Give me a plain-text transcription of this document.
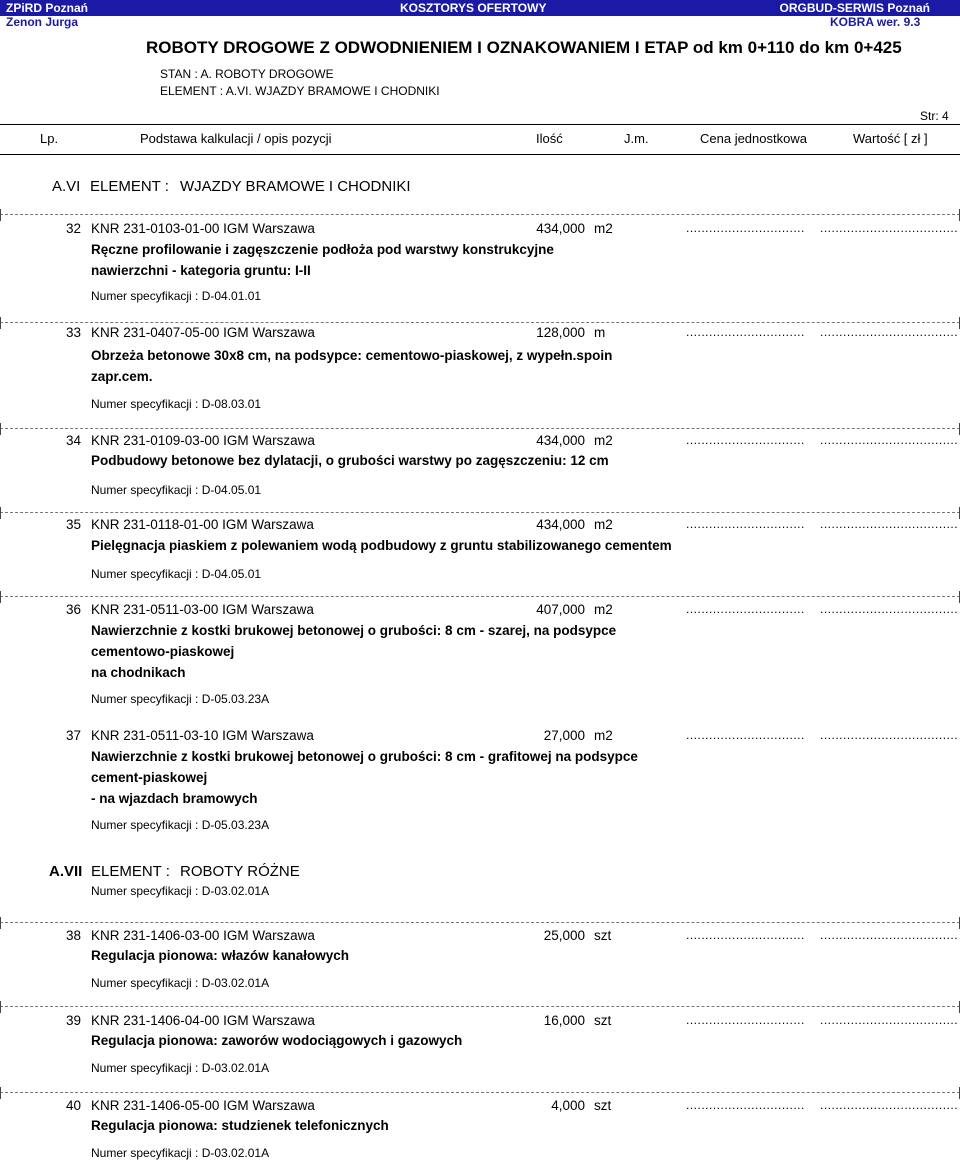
ZPiRD Poznań	KOSZTORYS OFERTOWY	ORGBUD-SERWIS Poznań
Zenon Jurga	KOBRA wer. 9.3
ROBOTY DROGOWE Z ODWODNIENIEM I OZNAKOWANIEM I ETAP od km 0+110 do km 0+425
STAN : A. ROBOTY DROGOWE
ELEMENT : A.VI. WJAZDY BRAMOWE I CHODNIKI
Str: 4
Lp.	Podstawa kalkulacji / opis pozycji	Ilość	J.m.	Cena jednostkowa	Wartość [ zł ]
A.VI ELEMENT : WJAZDY BRAMOWE I CHODNIKI
32 KNR 231-0103-01-00 IGM Warszawa	434,000 m2	............................... ....................................
Ręczne profilowanie i zagęszczenie podłoża pod warstwy konstrukcyjne nawierzchni - kategoria gruntu: I-II
Numer specyfikacji : D-04.01.01
33 KNR 231-0407-05-00 IGM Warszawa	128,000 m	............................... ....................................
Obrzeża betonowe 30x8 cm, na podsypce: cementowo-piaskowej, z wypełn.spoin zapr.cem.
Numer specyfikacji : D-08.03.01
34 KNR 231-0109-03-00 IGM Warszawa	434,000 m2	............................... ....................................
Podbudowy betonowe bez dylatacji, o grubości warstwy po zagęszczeniu: 12 cm
Numer specyfikacji : D-04.05.01
35 KNR 231-0118-01-00 IGM Warszawa	434,000 m2	............................... ....................................
Pielęgnacja piaskiem z polewaniem wodą podbudowy z gruntu stabilizowanego cementem
Numer specyfikacji : D-04.05.01
36 KNR 231-0511-03-00 IGM Warszawa	407,000 m2	............................... ....................................
Nawierzchnie z kostki brukowej betonowej o grubości: 8 cm - szarej, na podsypce
cementowo-piaskowej
na chodnikach
Numer specyfikacji : D-05.03.23A
37 KNR 231-0511-03-10 IGM Warszawa	27,000 m2	............................... ....................................
Nawierzchnie z kostki brukowej betonowej o grubości: 8 cm - grafitowej na podsypce
cement-piaskowej
- na wjazdach bramowych
Numer specyfikacji : D-05.03.23A
A.VII ELEMENT : ROBOTY RÓŻNE
Numer specyfikacji : D-03.02.01A
38 KNR 231-1406-03-00 IGM Warszawa	25,000 szt	............................... ....................................
Regulacja pionowa: włazów kanałowych
Numer specyfikacji : D-03.02.01A
39 KNR 231-1406-04-00 IGM Warszawa	16,000 szt	............................... ....................................
Regulacja pionowa: zaworów wodociągowych i gazowych
Numer specyfikacji : D-03.02.01A
40 KNR 231-1406-05-00 IGM Warszawa	4,000 szt	............................... ....................................
Regulacja pionowa: studzienek telefonicznych
Numer specyfikacji : D-03.02.01A
